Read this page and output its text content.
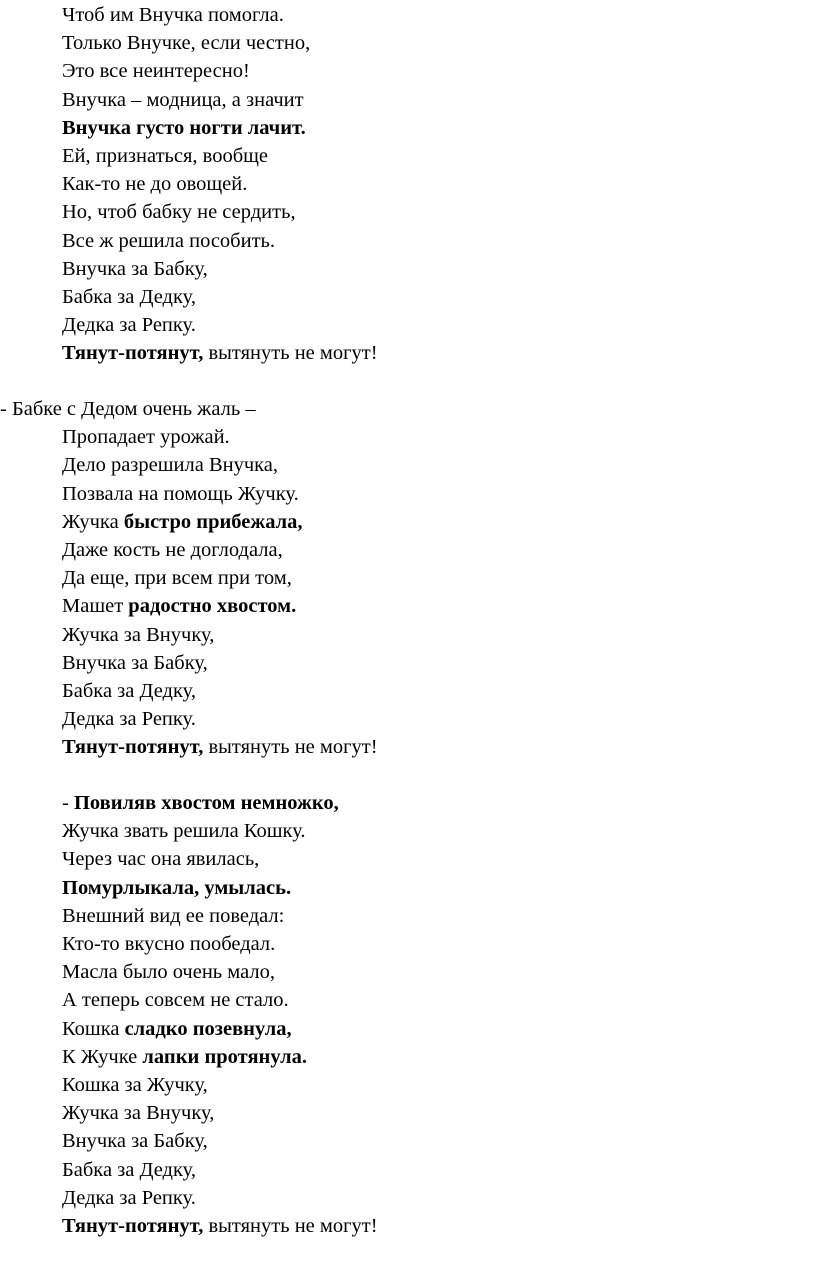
Чтоб им Внучка помогла.
Только Внучке, если честно,
Это все неинтересно!
Внучка – модница, а значит
Внучка густо ногти лачит.
Ей, признаться, вообще
Как-то не до овощей.
Но, чтоб бабку не сердить,
Все ж решила пособить.
Внучка за Бабку,
Бабка за Дедку,
Дедка за Репку.
Тянут-потянут, вытянуть не могут!
- Бабке с Дедом очень жаль –
Пропадает урожай.
Дело разрешила Внучка,
Позвала на помощь Жучку.
Жучка быстро прибежала,
Даже кость не доглодала,
Да еще, при всем при том,
Машет радостно хвостом.
Жучка за Внучку,
Внучка за Бабку,
Бабка за Дедку,
Дедка за Репку.
Тянут-потянут, вытянуть не могут!
- Повиляв хвостом немножко,
Жучка звать решила Кошку.
Через час она явилась,
Помурлыкала, умылась.
Внешний вид ее поведал:
Кто-то вкусно пообедал.
Масла было очень мало,
А теперь совсем не стало.
Кошка сладко позевнула,
К Жучке лапки протянула.
Кошка за Жучку,
Жучка за Внучку,
Внучка за Бабку,
Бабка за Дедку,
Дедка за Репку.
Тянут-потянут, вытянуть не могут!
